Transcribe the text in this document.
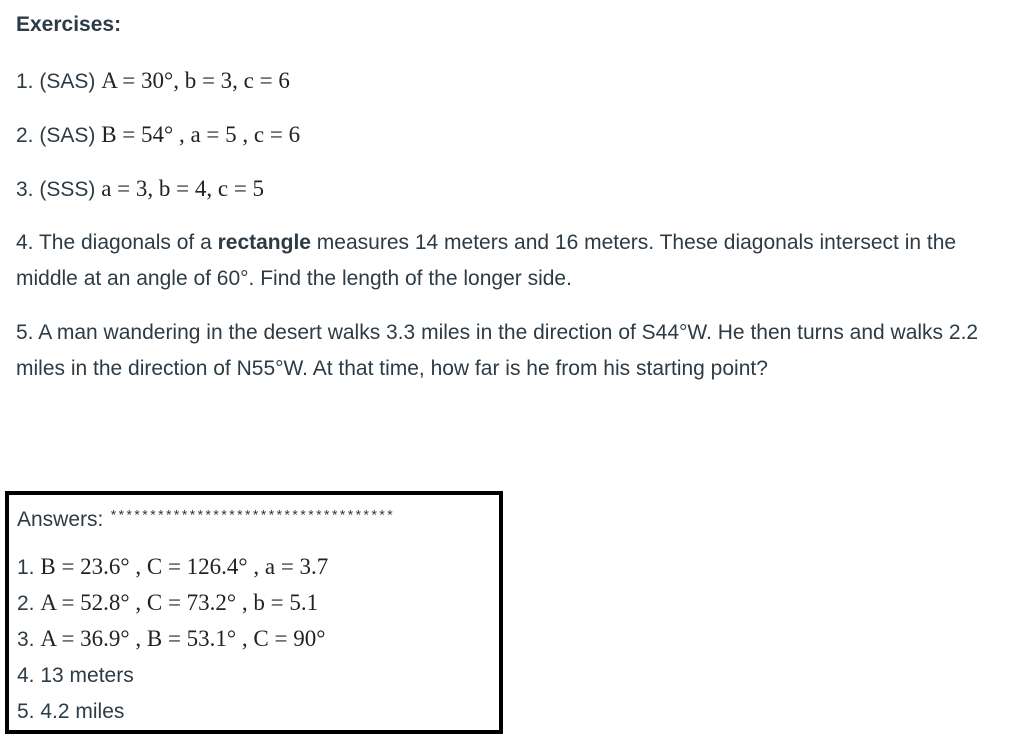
Exercises:
1. (SAS) A = 30°, b = 3, c = 6
2. (SAS) B = 54° , a = 5 , c = 6
3. (SSS) a = 3, b = 4, c = 5
4. The diagonals of a rectangle measures 14 meters and 16 meters. These diagonals intersect in the middle at an angle of 60°. Find the length of the longer side.
5. A man wandering in the desert walks 3.3 miles in the direction of S44°W. He then turns and walks 2.2 miles in the direction of N55°W. At that time, how far is he from his starting point?
Answers: ************************************
1. B = 23.6° , C = 126.4° , a = 3.7
2. A = 52.8° , C = 73.2° , b = 5.1
3. A = 36.9° , B = 53.1° , C = 90°
4. 13 meters
5. 4.2 miles
